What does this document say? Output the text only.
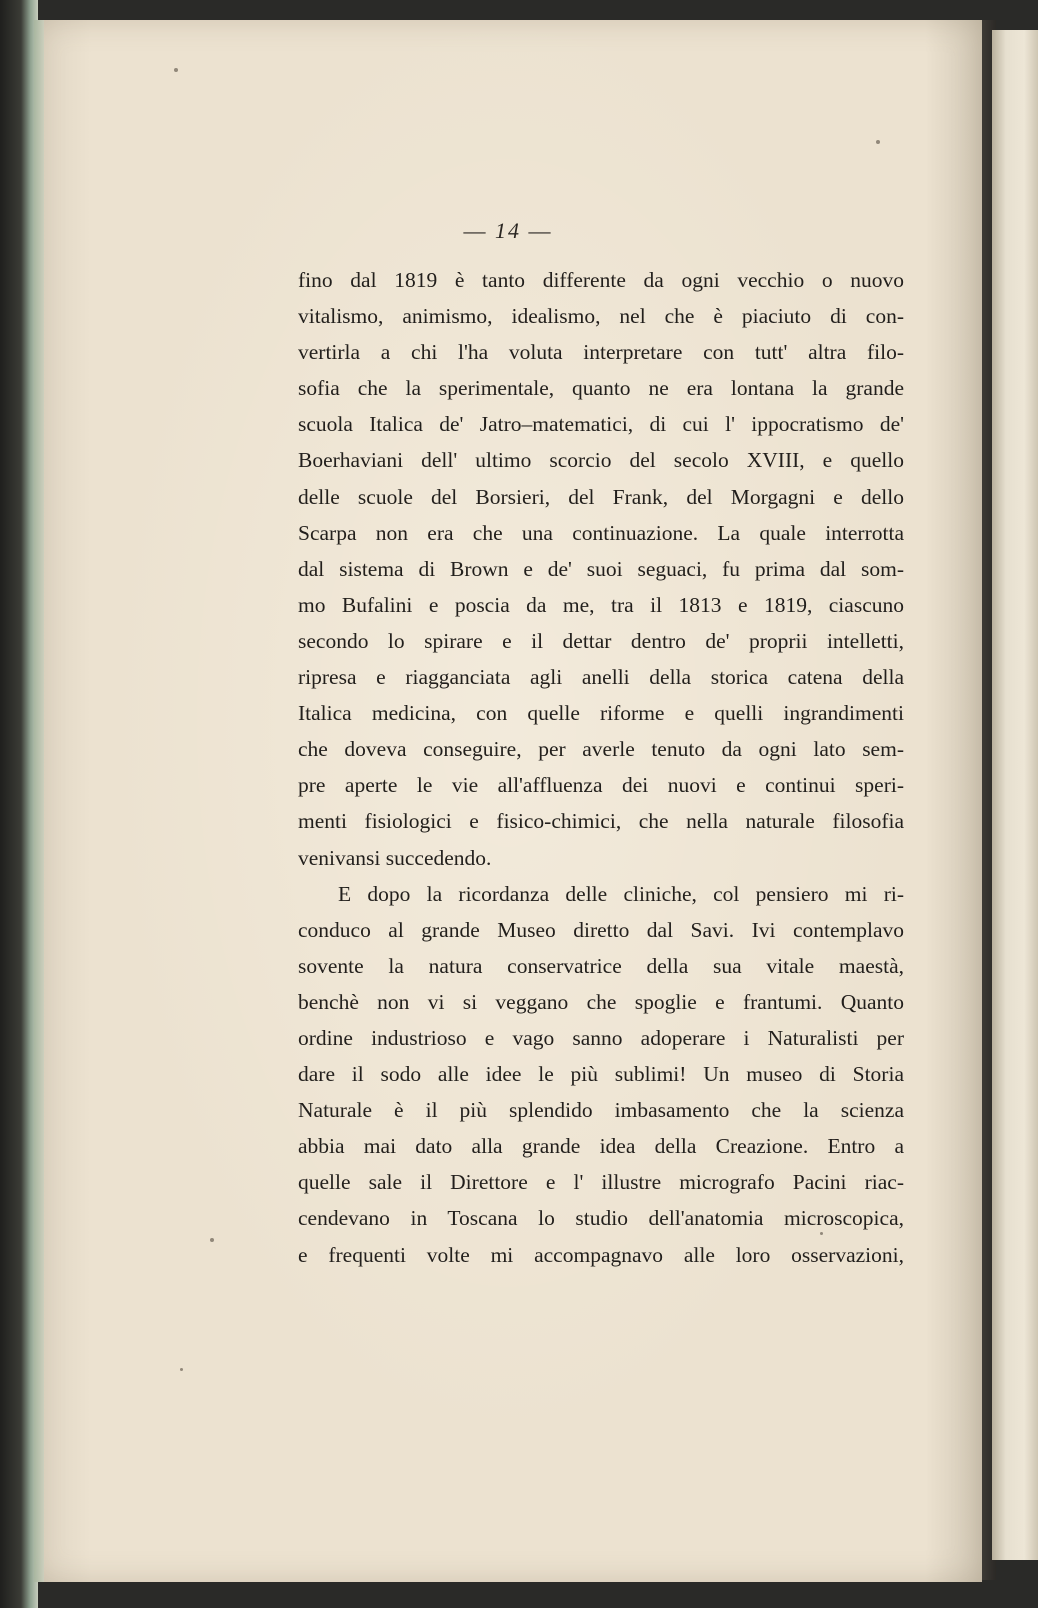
— 14 —
fino dal 1819 è tanto differente da ogni vecchio o nuovo
vitalismo, animismo, idealismo, nel che è piaciuto di con-
vertirla a chi l'ha voluta interpretare con tutt' altra filo-
sofia che la sperimentale, quanto ne era lontana la grande
scuola Italica de' Jatro–matematici, di cui l' ippocratismo de'
Boerhaviani dell' ultimo scorcio del secolo XVIII, e quello
delle scuole del Borsieri, del Frank, del Morgagni e dello
Scarpa non era che una continuazione. La quale interrotta
dal sistema di Brown e de' suoi seguaci, fu prima dal som-
mo Bufalini e poscia da me, tra il 1813 e 1819, ciascuno
secondo lo spirare e il dettar dentro de' proprii intelletti,
ripresa e riagganciata agli anelli della storica catena della
Italica medicina, con quelle riforme e quelli ingrandimenti
che doveva conseguire, per averle tenuto da ogni lato sem-
pre aperte le vie all'affluenza dei nuovi e continui speri-
menti fisiologici e fisico-chimici, che nella naturale filosofia
venivansi succedendo.
E dopo la ricordanza delle cliniche, col pensiero mi ri-
conduco al grande Museo diretto dal Savi. Ivi contemplavo
sovente la natura conservatrice della sua vitale maestà,
benchè non vi si veggano che spoglie e frantumi. Quanto
ordine industrioso e vago sanno adoperare i Naturalisti per
dare il sodo alle idee le più sublimi! Un museo di Storia
Naturale è il più splendido imbasamento che la scienza
abbia mai dato alla grande idea della Creazione. Entro a
quelle sale il Direttore e l' illustre micrografo Pacini riac-
cendevano in Toscana lo studio dell'anatomia microscopica,
e frequenti volte mi accompagnavo alle loro osservazioni,
